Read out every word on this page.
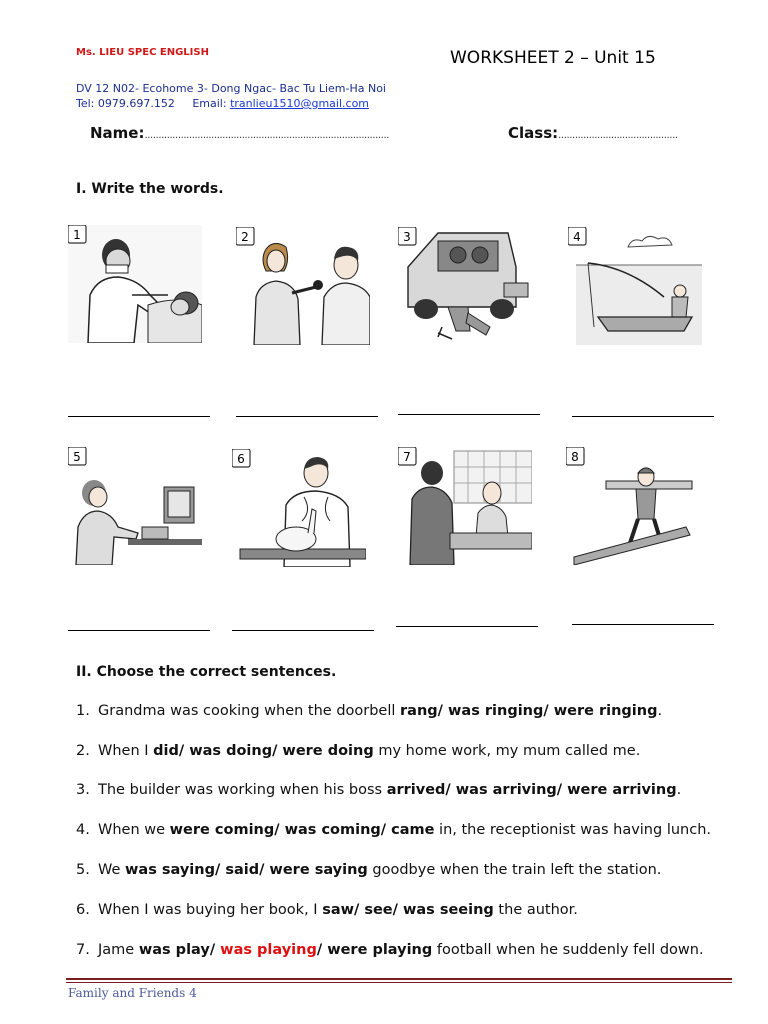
Ms. LIEU SPEC ENGLISH	WORKSHEET 2 – Unit 15
DV 12 N02- Ecohome 3- Dong Ngac- Bac Tu Liem-Ha Noi
Tel: 0979.697.152 Email: tranlieu1510@gmail.com
Name:........................................................................................	Class:...........................................
I. Write the words.
1	2	3	4
5	6	7	8
II. Choose the correct sentences.
1. Grandma was cooking when the doorbell rang/ was ringing/ were ringing.
2. When I did/ was doing/ were doing my home work, my mum called me.
3. The builder was working when his boss arrived/ was arriving/ were arriving.
4. When we were coming/ was coming/ came in, the receptionist was having lunch.
5. We was saying/ said/ were saying goodbye when the train left the station.
6. When I was buying her book, I saw/ see/ was seeing the author.
7. Jame was play/ was playing/ were playing football when he suddenly fell down.
Family and Friends 4
